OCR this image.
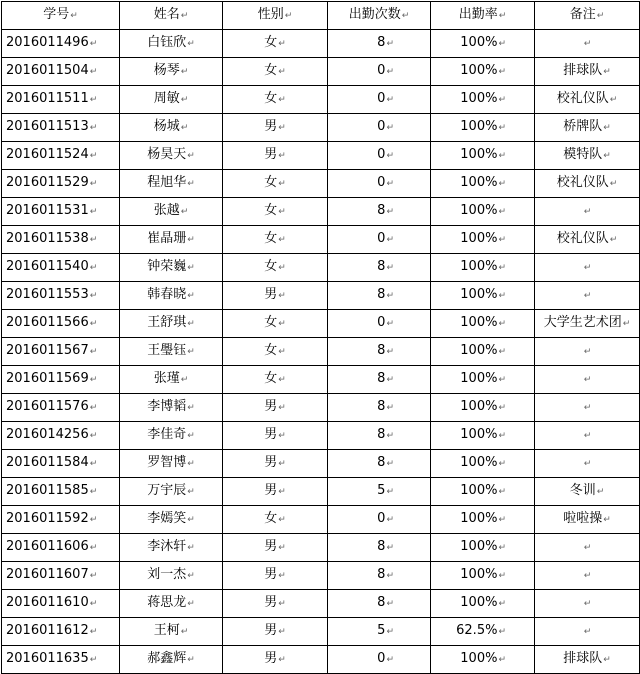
学号↵	姓名↵	性别↵	出勤次数↵	出勤率↵	备注↵
2016011496↵	白钰欣↵	女↵	8↵	100%↵	↵
2016011504↵	杨琴↵	女↵	0↵	100%↵	排球队↵
2016011511↵	周敏↵	女↵	0↵	100%↵	校礼仪队↵
2016011513↵	杨城↵	男↵	0↵	100%↵	桥牌队↵
2016011524↵	杨昊天↵	男↵	0↵	100%↵	模特队↵
2016011529↵	程旭华↵	女↵	0↵	100%↵	校礼仪队↵
2016011531↵	张越↵	女↵	8↵	100%↵	↵
2016011538↵	崔晶珊↵	女↵	0↵	100%↵	校礼仪队↵
2016011540↵	钟荣巍↵	女↵	8↵	100%↵	↵
2016011553↵	韩春晓↵	男↵	8↵	100%↵	↵
2016011566↵	王舒琪↵	女↵	0↵	100%↵	大学生艺术团↵
2016011567↵	王璺钰↵	女↵	8↵	100%↵	↵
2016011569↵	张瑾↵	女↵	8↵	100%↵	↵
2016011576↵	李博韬↵	男↵	8↵	100%↵	↵
2016014256↵	李佳奇↵	男↵	8↵	100%↵	↵
2016011584↵	罗智博↵	男↵	8↵	100%↵	↵
2016011585↵	万宇辰↵	男↵	5↵	100%↵	冬训↵
2016011592↵	李嫣笑↵	女↵	0↵	100%↵	啦啦操↵
2016011606↵	李沐轩↵	男↵	8↵	100%↵	↵
2016011607↵	刘一杰↵	男↵	8↵	100%↵	↵
2016011610↵	蒋思龙↵	男↵	8↵	100%↵	↵
2016011612↵	王柯↵	男↵	5↵	62.5%↵	↵
2016011635↵	郝鑫辉↵	男↵	0↵	100%↵	排球队↵
